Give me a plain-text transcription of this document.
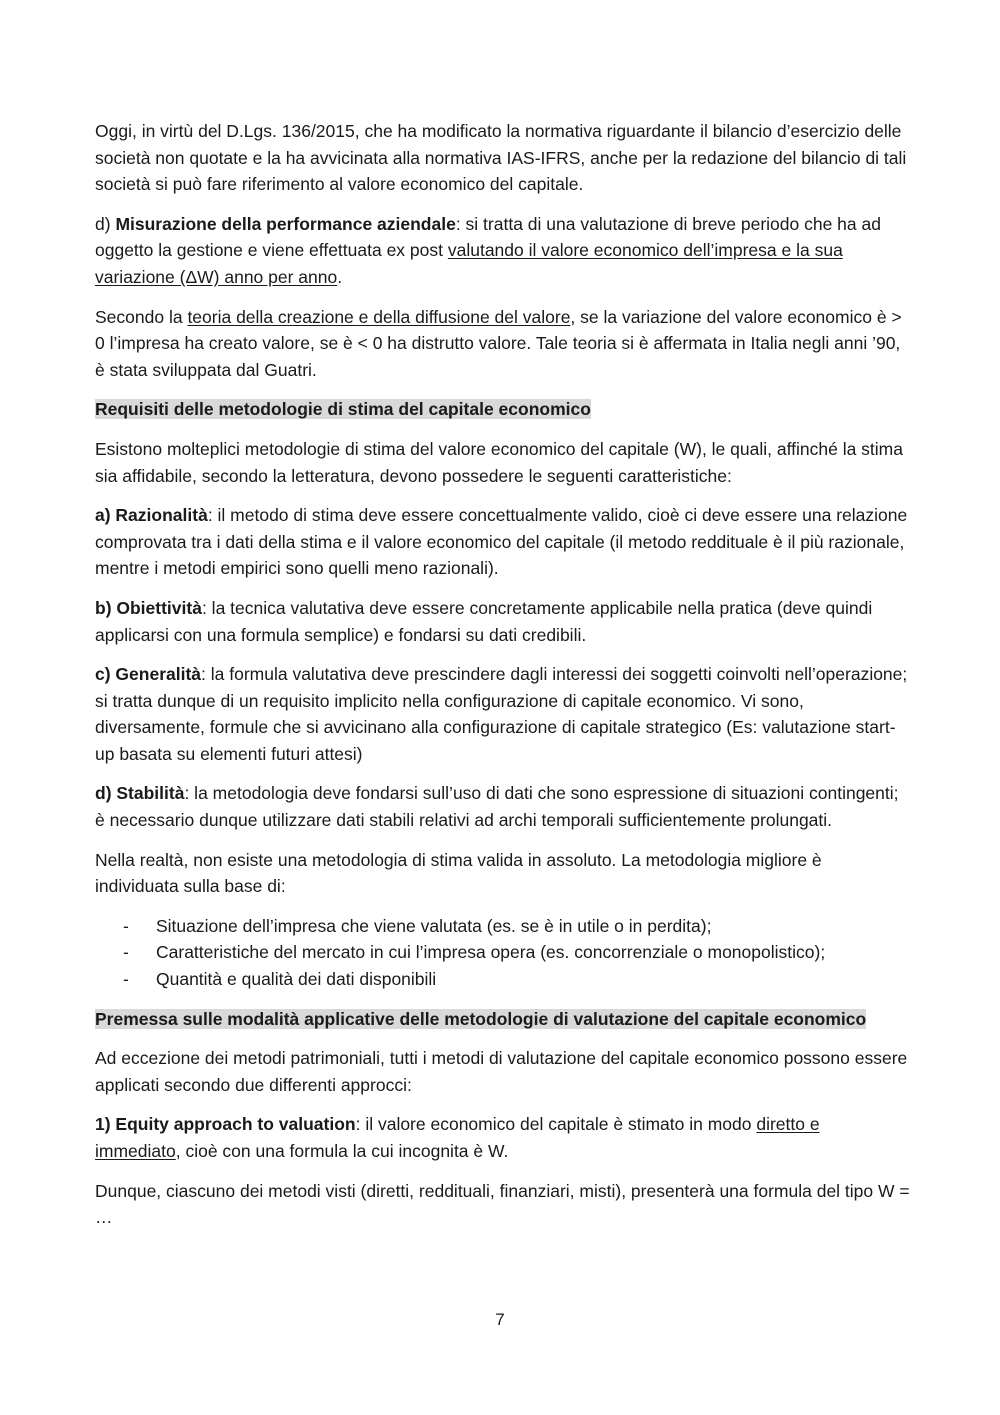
Oggi, in virtù del D.Lgs. 136/2015, che ha modificato la normativa riguardante il bilancio d’esercizio delle società non quotate e la ha avvicinata alla normativa IAS-IFRS, anche per la redazione del bilancio di tali società si può fare riferimento al valore economico del capitale.

d) Misurazione della performance aziendale: si tratta di una valutazione di breve periodo che ha ad oggetto la gestione e viene effettuata ex post valutando il valore economico dell’impresa e la sua variazione (ΔW) anno per anno.

Secondo la teoria della creazione e della diffusione del valore, se la variazione del valore economico è > 0 l’impresa ha creato valore, se è < 0 ha distrutto valore. Tale teoria si è affermata in Italia negli anni ’90, è stata sviluppata dal Guatri.

Requisiti delle metodologie di stima del capitale economico

Esistono molteplici metodologie di stima del valore economico del capitale (W), le quali, affinché la stima sia affidabile, secondo la letteratura, devono possedere le seguenti caratteristiche:

a) Razionalità: il metodo di stima deve essere concettualmente valido, cioè ci deve essere una relazione comprovata tra i dati della stima e il valore economico del capitale (il metodo reddituale è il più razionale, mentre i metodi empirici sono quelli meno razionali).

b) Obiettività: la tecnica valutativa deve essere concretamente applicabile nella pratica (deve quindi applicarsi con una formula semplice) e fondarsi su dati credibili.

c) Generalità: la formula valutativa deve prescindere dagli interessi dei soggetti coinvolti nell’operazione; si tratta dunque di un requisito implicito nella configurazione di capitale economico. Vi sono, diversamente, formule che si avvicinano alla configurazione di capitale strategico (Es: valutazione start-up basata su elementi futuri attesi)

d) Stabilità: la metodologia deve fondarsi sull’uso di dati che sono espressione di situazioni contingenti; è necessario dunque utilizzare dati stabili relativi ad archi temporali sufficientemente prolungati.

Nella realtà, non esiste una metodologia di stima valida in assoluto. La metodologia migliore è individuata sulla base di:

- Situazione dell’impresa che viene valutata (es. se è in utile o in perdita);
- Caratteristiche del mercato in cui l’impresa opera (es. concorrenziale o monopolistico);
- Quantità e qualità dei dati disponibili
Premessa sulle modalità applicative delle metodologie di valutazione del capitale economico

Ad eccezione dei metodi patrimoniali, tutti i metodi di valutazione del capitale economico possono essere applicati secondo due differenti approcci:

1) Equity approach to valuation: il valore economico del capitale è stimato in modo diretto e immediato, cioè con una formula la cui incognita è W.

Dunque, ciascuno dei metodi visti (diretti, reddituali, finanziari, misti), presenterà una formula del tipo W = …

7
